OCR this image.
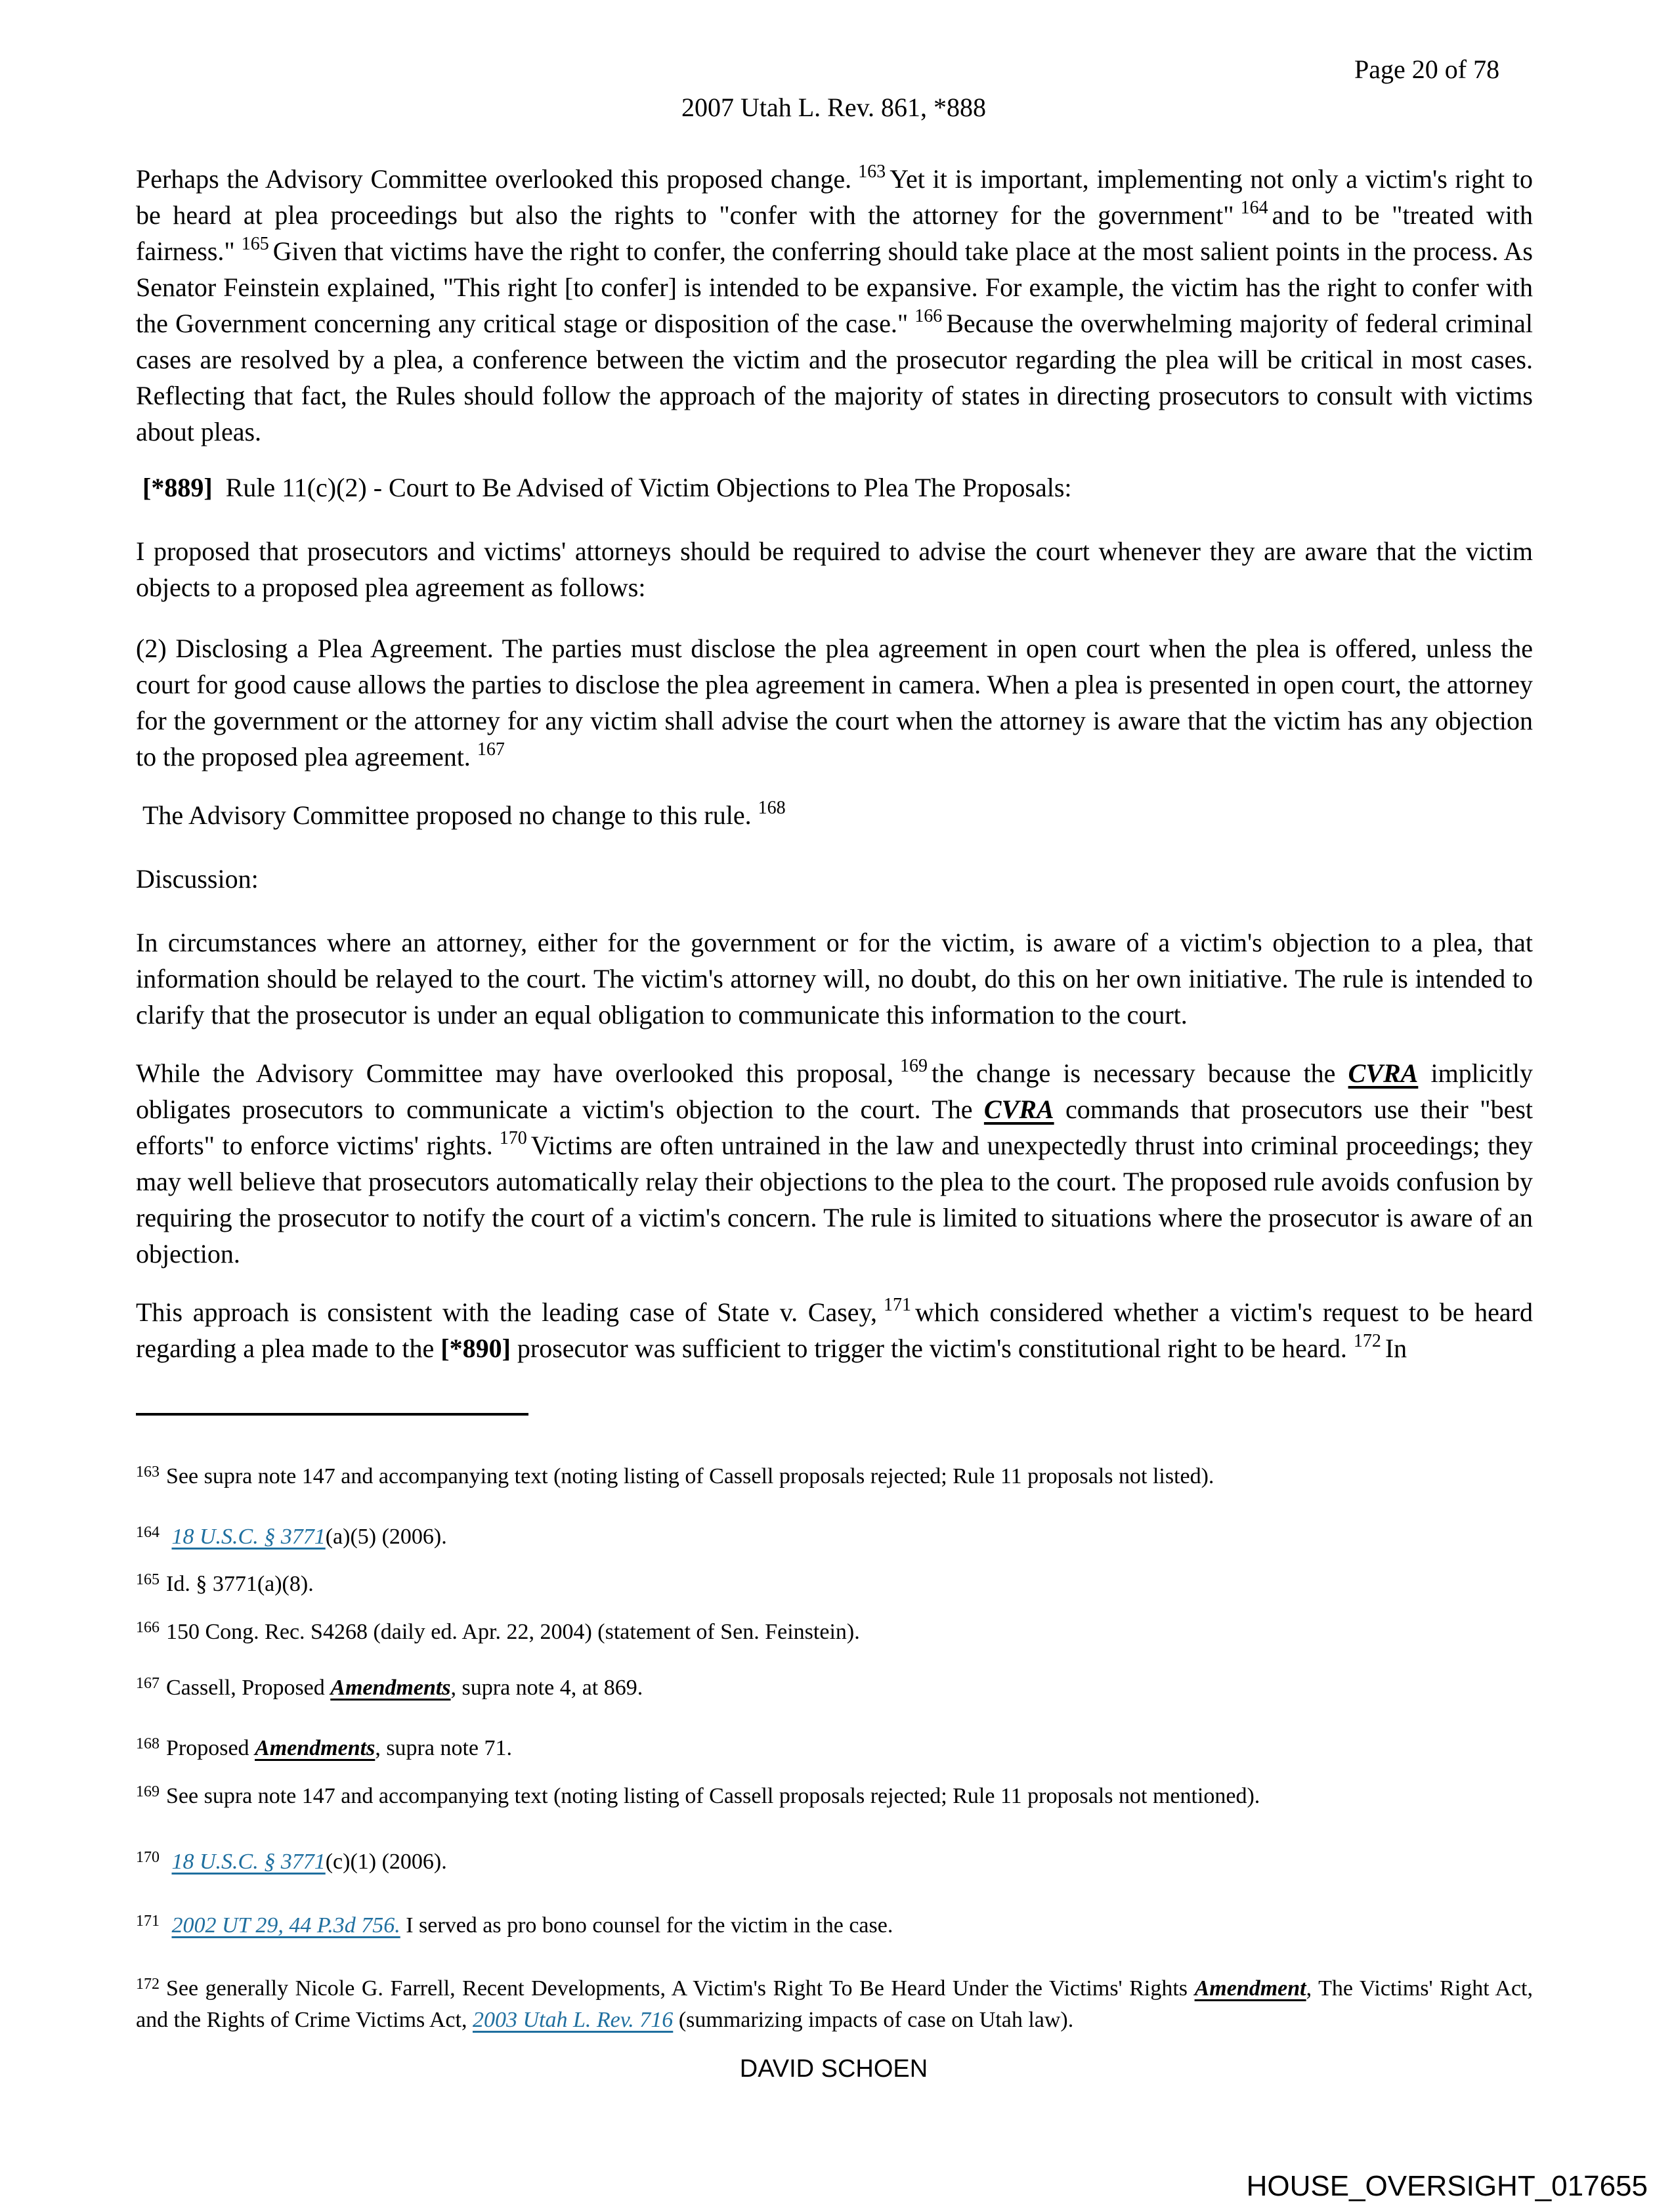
Page 20 of 78
2007 Utah L. Rev. 861, *888

Perhaps the Advisory Committee overlooked this proposed change. $^{163}$ Yet it is important, implementing not only a victim's right to be heard at plea proceedings but also the rights to "confer with the attorney for the government" $^{164}$ and to be "treated with fairness." $^{165}$ Given that victims have the right to confer, the conferring should take place at the most salient points in the process. As Senator Feinstein explained, "This right [to confer] is intended to be expansive. For example, the victim has the right to confer with the Government concerning any critical stage or disposition of the case." $^{166}$ Because the overwhelming majority of federal criminal cases are resolved by a plea, a conference between the victim and the prosecutor regarding the plea will be critical in most cases. Reflecting that fact, the Rules should follow the approach of the majority of states in directing prosecutors to consult with victims about pleas.

[*889] Rule 11(c)(2) - Court to Be Advised of Victim Objections to Plea The Proposals:

I proposed that prosecutors and victims' attorneys should be required to advise the court whenever they are aware that the victim objects to a proposed plea agreement as follows:

(2) Disclosing a Plea Agreement. The parties must disclose the plea agreement in open court when the plea is offered, unless the court for good cause allows the parties to disclose the plea agreement in camera. When a plea is presented in open court, the attorney for the government or the attorney for any victim shall advise the court when the attorney is aware that the victim has any objection to the proposed plea agreement. $^{167}$

The Advisory Committee proposed no change to this rule. $^{168}$

Discussion:

In circumstances where an attorney, either for the government or for the victim, is aware of a victim's objection to a plea, that information should be relayed to the court. The victim's attorney will, no doubt, do this on her own initiative. The rule is intended to clarify that the prosecutor is under an equal obligation to communicate this information to the court.

While the Advisory Committee may have overlooked this proposal, $^{169}$ the change is necessary because the CVRA implicitly obligates prosecutors to communicate a victim's objection to the court. The CVRA commands that prosecutors use their "best efforts" to enforce victims' rights. $^{170}$ Victims are often untrained in the law and unexpectedly thrust into criminal proceedings; they may well believe that prosecutors automatically relay their objections to the plea to the court. The proposed rule avoids confusion by requiring the prosecutor to notify the court of a victim's concern. The rule is limited to situations where the prosecutor is aware of an objection.

This approach is consistent with the leading case of State v. Casey, $^{171}$ which considered whether a victim's request to be heard regarding a plea made to the [*890] prosecutor was sufficient to trigger the victim's constitutional right to be heard. $^{172}$ In

$^{163}$ See supra note 147 and accompanying text (noting listing of Cassell proposals rejected; Rule 11 proposals not listed).

$^{164}$ 18 U.S.C. § 3771(a)(5) (2006).

$^{165}$ Id. § 3771(a)(8).

$^{166}$ 150 Cong. Rec. S4268 (daily ed. Apr. 22, 2004) (statement of Sen. Feinstein).

$^{167}$ Cassell, Proposed Amendments, supra note 4, at 869.

$^{168}$ Proposed Amendments, supra note 71.

$^{169}$ See supra note 147 and accompanying text (noting listing of Cassell proposals rejected; Rule 11 proposals not mentioned).

$^{170}$ 18 U.S.C. § 3771(c)(1) (2006).

$^{171}$ 2002 UT 29, 44 P.3d 756. I served as pro bono counsel for the victim in the case.

$^{172}$ See generally Nicole G. Farrell, Recent Developments, A Victim's Right To Be Heard Under the Victims' Rights Amendment, The Victims' Right Act, and the Rights of Crime Victims Act, 2003 Utah L. Rev. 716 (summarizing impacts of case on Utah law).

DAVID SCHOEN
HOUSE_OVERSIGHT_017655
